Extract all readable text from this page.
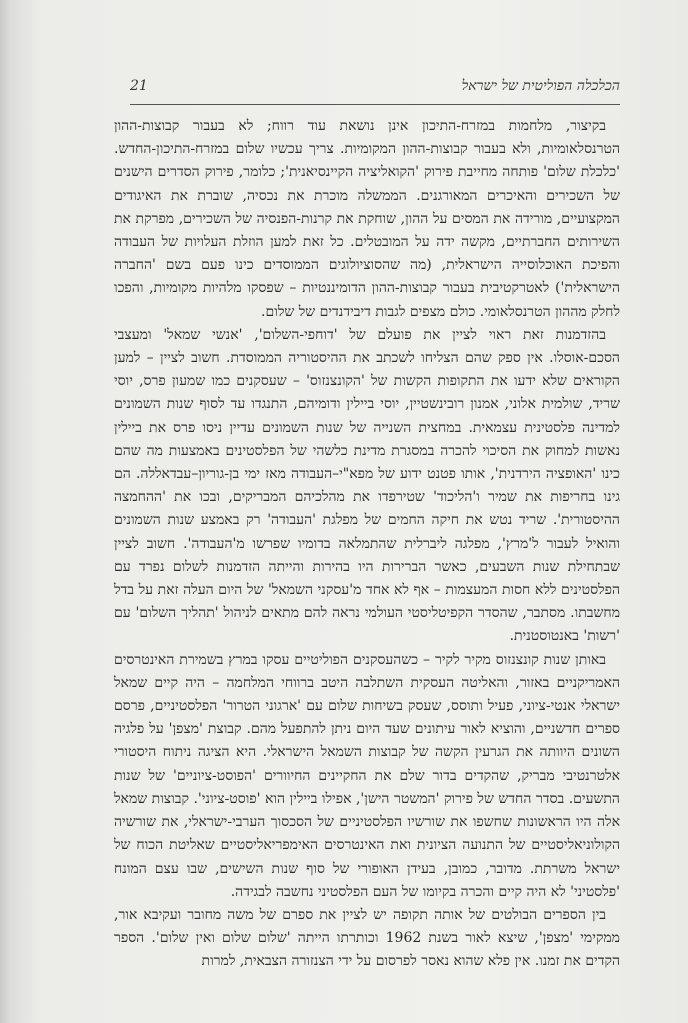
הכלכלה הפוליטית של ישראל
21

בקיצור, מלחמות במזרח-התיכון אינן נושאת עוד רווח; לא בעבור קבוצות-ההון הטרנסלאומיות, ולא בעבור קבוצות-ההון המקומיות. צריך עכשיו שלום במזרח-התיכון-החדש. 'כלכלת שלום' פותחה מחייבת פירוק 'הקואליציה הקיינסיאנית'; כלומר, פירוק הסדרים הישנים של השכירים והאיכרים המאורגנים. הממשלה מוכרת את נכסיה, שוברת את האיגודים המקצועיים, מורידה את המסים על ההון, שוחקת את קרנות-הפנסיה של השכירים, מפרקת את השירותים החברתיים, מקשה ידה על המובטלים. כל זאת למען הוזלת העלויות של העבודה והפיכת האוכלוסייה הישראלית, (מה שהסוציולוגים הממוסדים כינו פעם בשם 'החברה הישראלית') לאטרקטיבית בעבור קבוצות-ההון הדומיננטיות – שפסקו מלהיות מקומיות, והפכו לחלק מההון הטרנסלאומי. כולם מצפים לגבות דיבידנדים של שלום.

בהזדמנות זאת ראוי לציין את פועלם של 'דוחפי-השלום', 'אנשי שמאל' ומעצבי הסכם-אוסלו. אין ספק שהם הצליחו לשכתב את ההיסטוריה הממוסדת. חשוב לציין – למען הקוראים שלא ידעו את התקופות הקשות של 'הקונצנזוס' – שעסקנים כמו שמעון פרס, יוסי שריד, שולמית אלוני, אמנון רובינשטיין, יוסי ביילין ודומיהם, התנגדו עד לסוף שנות השמונים למדינה פלסטינית עצמאית. במחצית השנייה של שנות השמונים עדיין ניסו פרס את ביילין נאשות למחוק את הסיכוי להכרה במסגרת מדינת כלשהי של הפלסטינים באמצעות מה שהם כינו 'האופציה הירדנית', אותו פטנט ידוע של מפא"י–העבודה מאז ימי בן-גוריון–עבדאללה. הם גינו בחריפות את שמיר ו'הליכוד' שטירפדו את מהלכיהם המבריקים, ובכו את 'ההחמצה ההיסטורית'. שריד נטש את חיקה החמים של מפלגת 'העבודה' רק באמצע שנות השמונים והואיל לעבור ל'מרץ', מפלגה ליברלית שהתמלאה בדומיו שפרשו מ'העבודה'. חשוב לציין שבתחילת שנות השבעים, כאשר הברירות היו בהירות והייתה הזדמנות לשלום נפרד עם הפלסטינים ללא חסות המעצמות – אף לא אחד מ'עסקני השמאל' של היום העלה זאת על בדל מחשבתו. מסתבר, שהסדר הקפיטליסטי העולמי נראה להם מתאים לניהול 'תהליך השלום' עם 'רשות' באנטוסטנית.

באותן שנות קונצנזוס מקיר לקיר – כשהעסקנים הפוליטיים עסקו במרץ בשמירת האינטרסים האמריקניים באזור, והאליטה העסקית השתלבה היטב ברווחי המלחמה – היה קיים שמאל ישראלי אנטי-ציוני, פעיל ותוסס, שעסק בשיחות שלום עם 'ארגוני הטרור' הפלסטיניים, פרסם ספרים חדשניים, והוציא לאור עיתונים שעד היום ניתן להתפעל מהם. קבוצת 'מצפן' על פלגיה השונים היוותה את הגרעין הקשה של קבוצות השמאל הישראלי. היא הציגה ניתוח היסטורי אלטרנטיבי מבריק, שהקדים בדור שלם את החקיינים החיוורים 'הפוסט-ציוניים' של שנות התשעים. בסדר החדש של פירוק 'המשטר הישן', אפילו ביילין הוא 'פוסט-ציוני'. קבוצות שמאל אלה היו הראשונות שחשפו את שורשיו הפלסטיניים של הסכסוך הערבי-ישראלי, את שורשיה הקולוניאליסטיים של התנועה הציונית ואת האינטרסים האימפריאליסטיים שאליטת הכוח של ישראל משרתת. מדובר, כמובן, בעידן האופורי של סוף שנות השישים, שבו עצם המונח 'פלסטיני' לא היה קיים והכרה בקיומו של העם הפלסטיני נחשבה לבגידה.

בין הספרים הבולטים של אותה תקופה יש לציין את ספרם של משה מחובר ועקיבא אור, ממקימי 'מצפן', שיצא לאור בשנת 1962 וכותרתו הייתה 'שלום שלום ואין שלום'. הספר הקדים את זמנו. אין פלא שהוא נאסר לפרסום על ידי הצנזורה הצבאית, למרות
